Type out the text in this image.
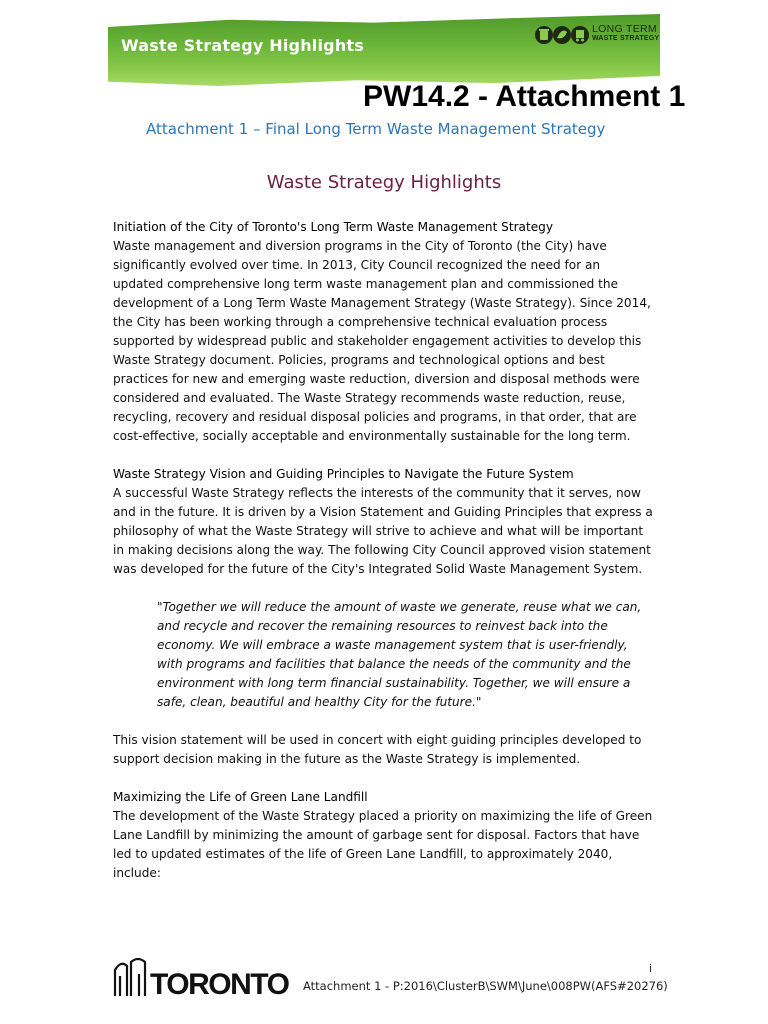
Waste Strategy Highlights
LONG TERM
WASTE STRATEGY
PW14.2 - Attachment 1
Attachment 1 – Final Long Term Waste Management Strategy
Waste Strategy Highlights

Initiation of the City of Toronto's Long Term Waste Management Strategy

Waste management and diversion programs in the City of Toronto (the City) have significantly evolved over time. In 2013, City Council recognized the need for an updated comprehensive long term waste management plan and commissioned the development of a Long Term Waste Management Strategy (Waste Strategy). Since 2014, the City has been working through a comprehensive technical evaluation process supported by widespread public and stakeholder engagement activities to develop this Waste Strategy document. Policies, programs and technological options and best practices for new and emerging waste reduction, diversion and disposal methods were considered and evaluated. The Waste Strategy recommends waste reduction, reuse, recycling, recovery and residual disposal policies and programs, in that order, that are cost-effective, socially acceptable and environmentally sustainable for the long term.

Waste Strategy Vision and Guiding Principles to Navigate the Future System

A successful Waste Strategy reflects the interests of the community that it serves, now and in the future. It is driven by a Vision Statement and Guiding Principles that express a philosophy of what the Waste Strategy will strive to achieve and what will be important in making decisions along the way. The following City Council approved vision statement was developed for the future of the City's Integrated Solid Waste Management System.

"Together we will reduce the amount of waste we generate, reuse what we can, and recycle and recover the remaining resources to reinvest back into the economy. We will embrace a waste management system that is user-friendly, with programs and facilities that balance the needs of the community and the environment with long term financial sustainability. Together, we will ensure a safe, clean, beautiful and healthy City for the future."

This vision statement will be used in concert with eight guiding principles developed to support decision making in the future as the Waste Strategy is implemented.

Maximizing the Life of Green Lane Landfill

The development of the Waste Strategy placed a priority on maximizing the life of Green Lane Landfill by minimizing the amount of garbage sent for disposal. Factors that have led to updated estimates of the life of Green Lane Landfill, to approximately 2040, include:

TORONTO	i
Attachment 1 - P:2016\ClusterB\SWM\June\008PW(AFS#20276)
